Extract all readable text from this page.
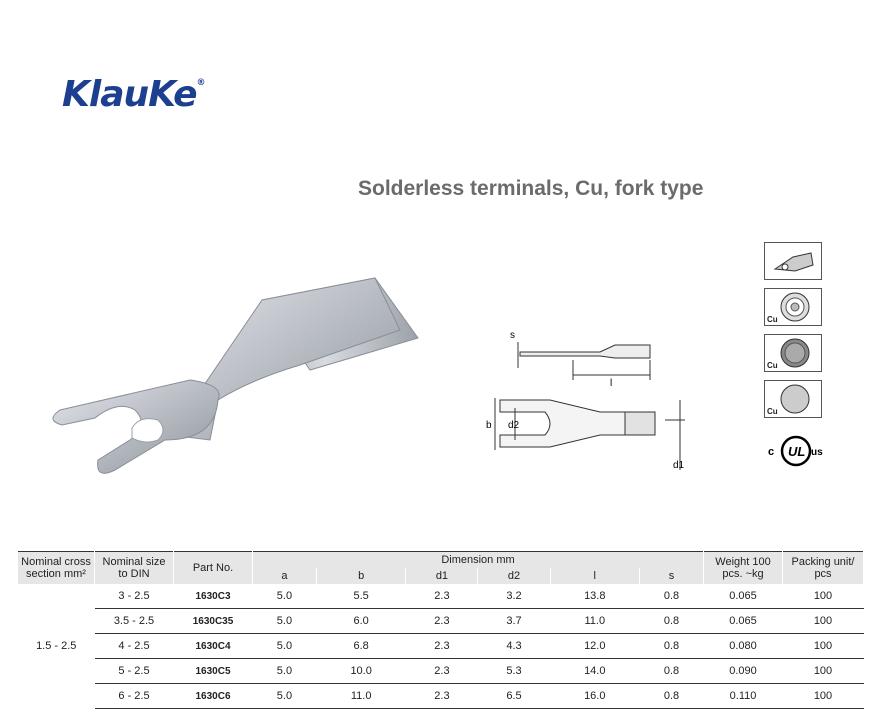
KlauKe®
Solderless terminals, Cu, fork type
s
l
b d2
d1
Cu
Cu
Cu
c UL us
Nominal cross section mm²	Nominal size to DIN	Part No.	Dimension mm						Weight 100 pcs. ~kg	Packing unit/ pcs
			a	b	d1	d2	l	s		
1.5 - 2.5	3 - 2.5	1630C3	5.0	5.5	2.3	3.2	13.8	0.8	0.065	100
	3.5 - 2.5	1630C35	5.0	6.0	2.3	3.7	11.0	0.8	0.065	100
	4 - 2.5	1630C4	5.0	6.8	2.3	4.3	12.0	0.8	0.080	100
	5 - 2.5	1630C5	5.0	10.0	2.3	5.3	14.0	0.8	0.090	100
	6 - 2.5	1630C6	5.0	11.0	2.3	6.5	16.0	0.8	0.110	100
